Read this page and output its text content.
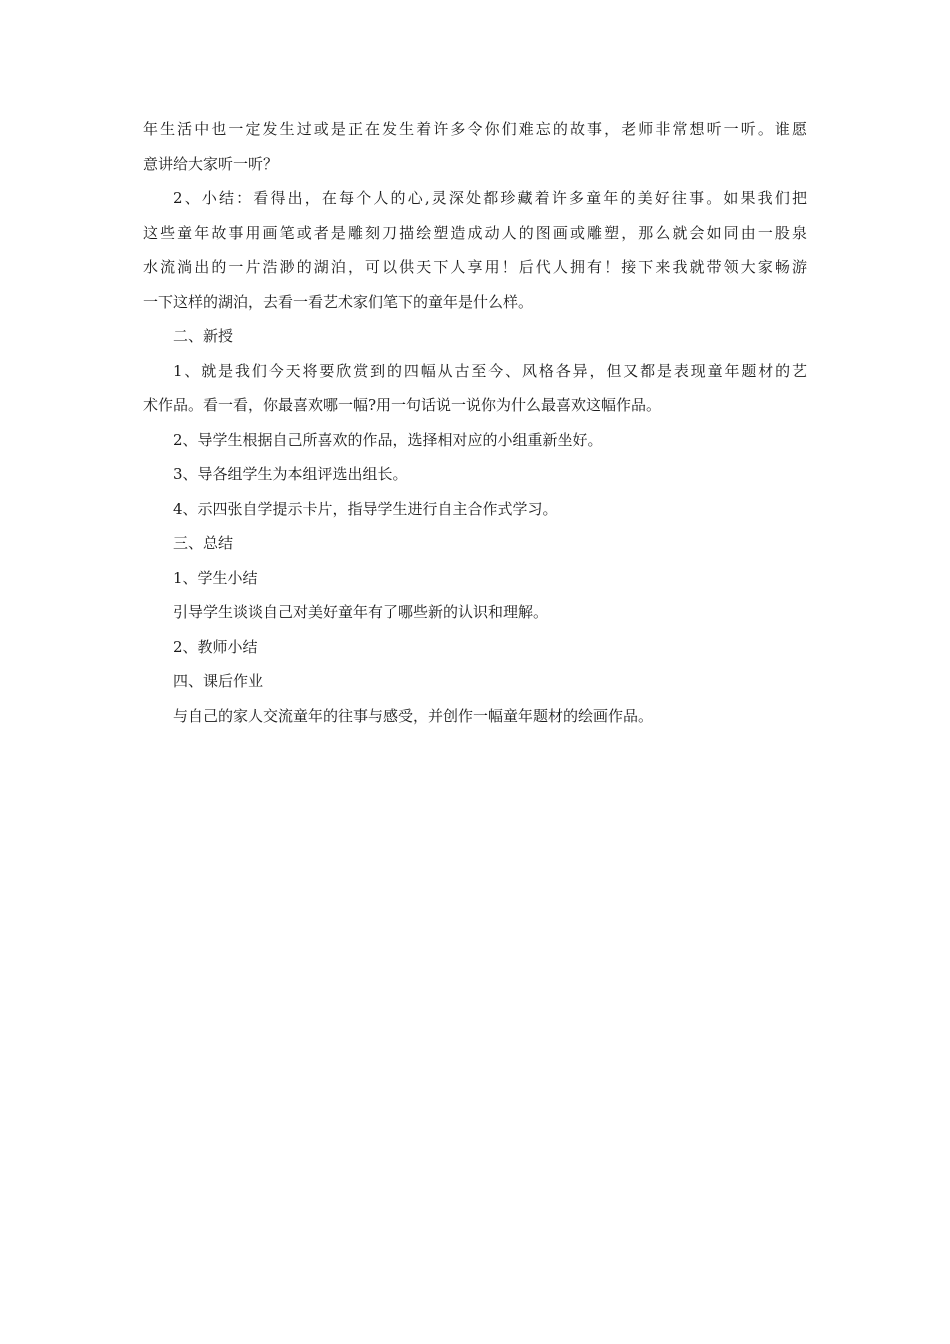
年生活中也一定发生过或是正在发生着许多令你们难忘的故事，老师非常想听一听。谁愿
意讲给大家听一听？
2、小结：看得出，在每个人的心,灵深处都珍藏着许多童年的美好往事。如果我们把
这些童年故事用画笔或者是雕刻刀描绘塑造成动人的图画或雕塑，那么就会如同由一股泉
水流淌出的一片浩渺的湖泊，可以供天下人享用！后代人拥有！接下来我就带领大家畅游
一下这样的湖泊，去看一看艺术家们笔下的童年是什么样。
二、新授
1、就是我们今天将要欣赏到的四幅从古至今、风格各异，但又都是表现童年题材的艺
术作品。看一看，你最喜欢哪一幅?用一句话说一说你为什么最喜欢这幅作品。
2、导学生根据自己所喜欢的作品，选择相对应的小组重新坐好。
3、导各组学生为本组评选出组长。
4、示四张自学提示卡片，指导学生进行自主合作式学习。
三、总结
1、学生小结
引导学生谈谈自己对美好童年有了哪些新的认识和理解。
2、教师小结
四、课后作业
与自己的家人交流童年的往事与感受，并创作一幅童年题材的绘画作品。
